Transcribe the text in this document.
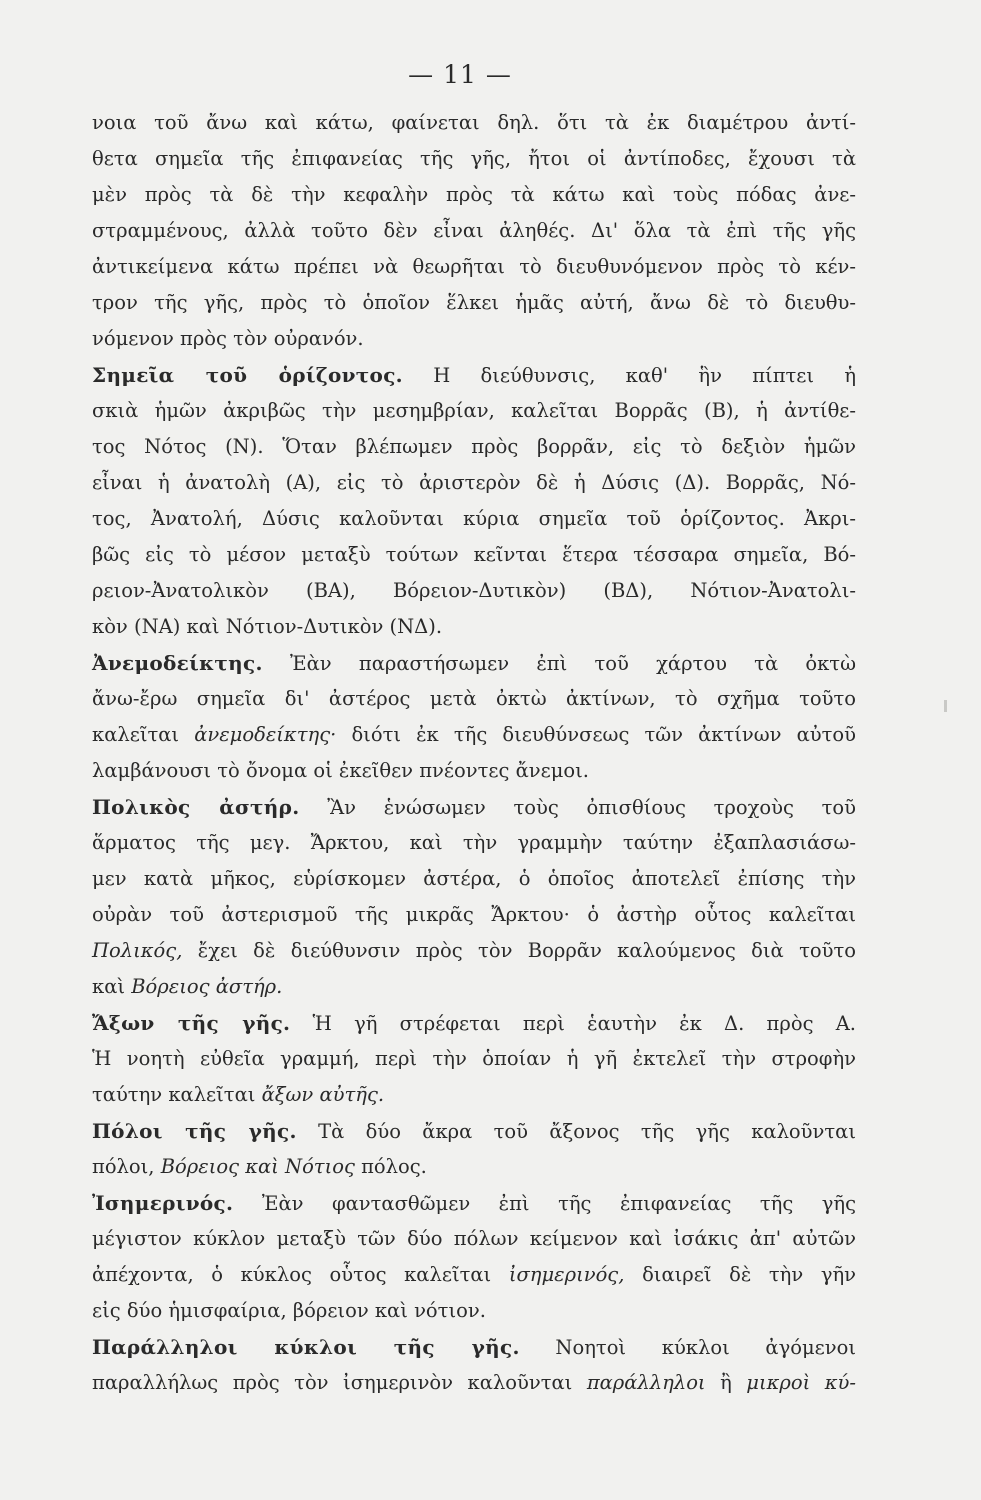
— 11 —
νοια τοῦ ἄνω καὶ κάτω, φαίνεται δηλ. ὅτι τὰ ἐκ διαμέτρου ἀντί-
θετα σημεῖα τῆς ἐπιφανείας τῆς γῆς, ἤτοι οἱ ἀντίποδες, ἔχουσι τὰ
μὲν πρὸς τὰ δὲ τὴν κεφαλὴν πρὸς τὰ κάτω καὶ τοὺς πόδας ἀνε-
στραμμένους, ἀλλὰ τοῦτο δὲν εἶναι ἀληθές. Δι' ὅλα τὰ ἐπὶ τῆς γῆς
ἀντικείμενα κάτω πρέπει νὰ θεωρῆται τὸ διευθυνόμενον πρὸς τὸ κέν-
τρον τῆς γῆς, πρὸς τὸ ὁποῖον ἕλκει ἡμᾶς αὐτή, ἄνω δὲ τὸ διευθυ-
νόμενον πρὸς τὸν οὐρανόν.
Σημεῖα τοῦ ὁρίζοντος. Η διεύθυνσις, καθ' ἣν πίπτει ἡ
σκιὰ ἡμῶν ἀκριβῶς τὴν μεσημβρίαν, καλεῖται Βορρᾶς (Β), ἡ ἀντίθε-
τος Νότος (Ν). Ὅταν βλέπωμεν πρὸς βορρᾶν, εἰς τὸ δεξιὸν ἡμῶν
εἶναι ἡ ἀνατολὴ (Α), εἰς τὸ ἀριστερὸν δὲ ἡ Δύσις (Δ). Βορρᾶς, Νό-
τος, Ἀνατολή, Δύσις καλοῦνται κύρια σημεῖα τοῦ ὁρίζοντος. Ἀκρι-
βῶς εἰς τὸ μέσον μεταξὺ τούτων κεῖνται ἕτερα τέσσαρα σημεῖα, Βό-
ρειον-Ἀνατολικὸν (ΒΑ), Βόρειον-Δυτικὸν) (ΒΔ), Νότιον-Ἀνατολι-
κὸν (ΝΑ) καὶ Νότιον-Δυτικὸν (ΝΔ).
Ἀνεμοδείκτης. Ἐὰν παραστήσωμεν ἐπὶ τοῦ χάρτου τὰ ὀκτὼ
ἄνω-ἔρω σημεῖα δι' ἀστέρος μετὰ ὀκτὼ ἀκτίνων, τὸ σχῆμα τοῦτο
καλεῖται ἀνεμοδείκτης· διότι ἐκ τῆς διευθύνσεως τῶν ἀκτίνων αὐτοῦ
λαμβάνουσι τὸ ὄνομα οἱ ἐκεῖθεν πνέοντες ἄνεμοι.
Πολικὸς ἀστήρ. Ἂν ἑνώσωμεν τοὺς ὀπισθίους τροχοὺς τοῦ
ἅρματος τῆς μεγ. Ἄρκτου, καὶ τὴν γραμμὴν ταύτην ἐξαπλασιάσω-
μεν κατὰ μῆκος, εὑρίσκομεν ἀστέρα, ὁ ὁποῖος ἀποτελεῖ ἐπίσης τὴν
οὐρὰν τοῦ ἀστερισμοῦ τῆς μικρᾶς Ἄρκτου· ὁ ἀστὴρ οὗτος καλεῖται
Πολικός, ἔχει δὲ διεύθυνσιν πρὸς τὸν Βορρᾶν καλούμενος διὰ τοῦτο
καὶ Βόρειος ἀστήρ.
Ἄξων τῆς γῆς. Ἡ γῆ στρέφεται περὶ ἑαυτὴν ἐκ Δ. πρὸς Α.
Ἡ νοητὴ εὐθεῖα γραμμή, περὶ τὴν ὁποίαν ἡ γῆ ἐκτελεῖ τὴν στροφὴν
ταύτην καλεῖται ἄξων αὐτῆς.
Πόλοι τῆς γῆς. Τὰ δύο ἄκρα τοῦ ἄξονος τῆς γῆς καλοῦνται
πόλοι, Βόρειος καὶ Νότιος πόλος.
Ἰσημερινός. Ἐὰν φαντασθῶμεν ἐπὶ τῆς ἐπιφανείας τῆς γῆς
μέγιστον κύκλον μεταξὺ τῶν δύο πόλων κείμενον καὶ ἰσάκις ἀπ' αὐτῶν
ἀπέχοντα, ὁ κύκλος οὗτος καλεῖται ἰσημερινός, διαιρεῖ δὲ τὴν γῆν
εἰς δύο ἡμισφαίρια, βόρειον καὶ νότιον.
Παράλληλοι κύκλοι τῆς γῆς. Νοητοὶ κύκλοι ἀγόμενοι
παραλλήλως πρὸς τὸν ἰσημερινὸν καλοῦνται παράλληλοι ἢ μικροὶ κύ-
